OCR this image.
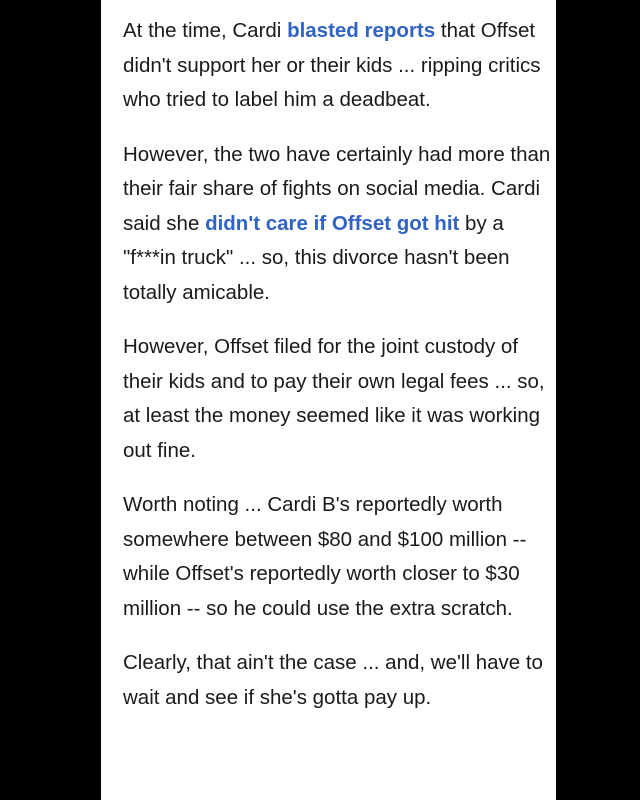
At the time, Cardi blasted reports that Offset didn't support her or their kids ... ripping critics who tried to label him a deadbeat.

However, the two have certainly had more than their fair share of fights on social media. Cardi said she didn't care if Offset got hit by a "f***in truck" ... so, this divorce hasn't been totally amicable.

However, Offset filed for the joint custody of their kids and to pay their own legal fees ... so, at least the money seemed like it was working out fine.

Worth noting ... Cardi B's reportedly worth somewhere between $80 and $100 million -- while Offset's reportedly worth closer to $30 million -- so he could use the extra scratch.

Clearly, that ain't the case ... and, we'll have to wait and see if she's gotta pay up.
